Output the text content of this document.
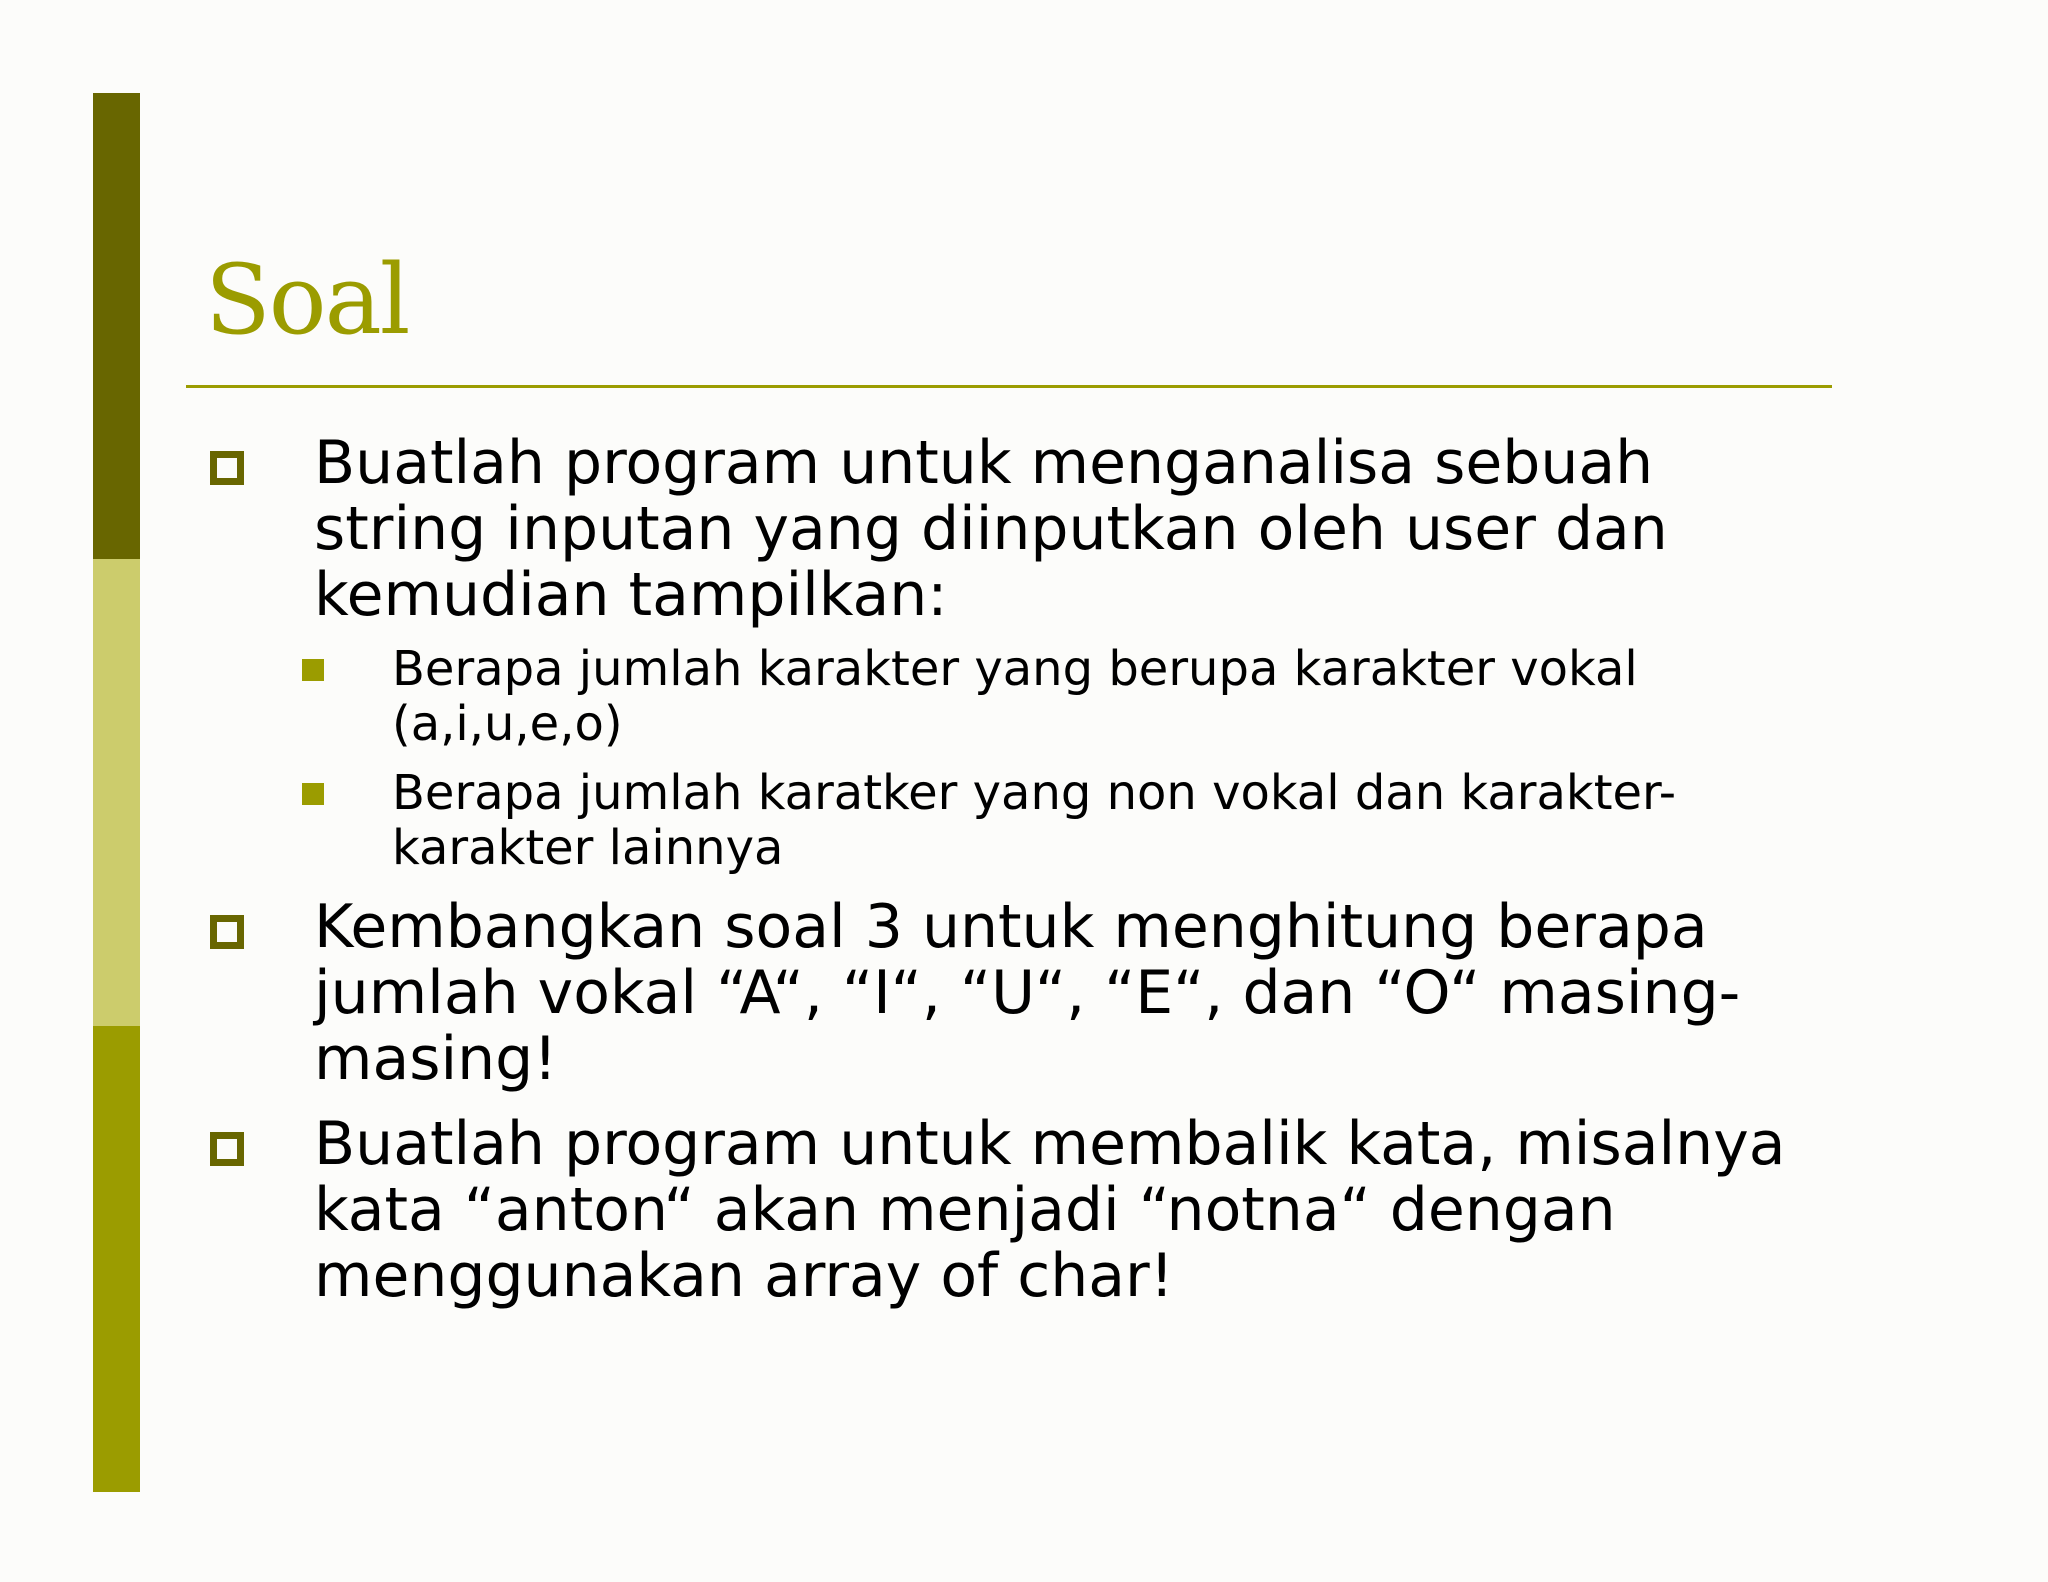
Soal
Buatlah program untuk menganalisa sebuah string inputan yang diinputkan oleh user dan kemudian tampilkan:
Berapa jumlah karakter yang berupa karakter vokal (a,i,u,e,o)
Berapa jumlah karatker yang non vokal dan karakter-karakter lainnya
Kembangkan soal 3 untuk menghitung berapa jumlah vokal “A“, “I“, “U“, “E“, dan “O“ masing-masing!
Buatlah program untuk membalik kata, misalnya kata “anton“ akan menjadi “notna“ dengan menggunakan array of char!
